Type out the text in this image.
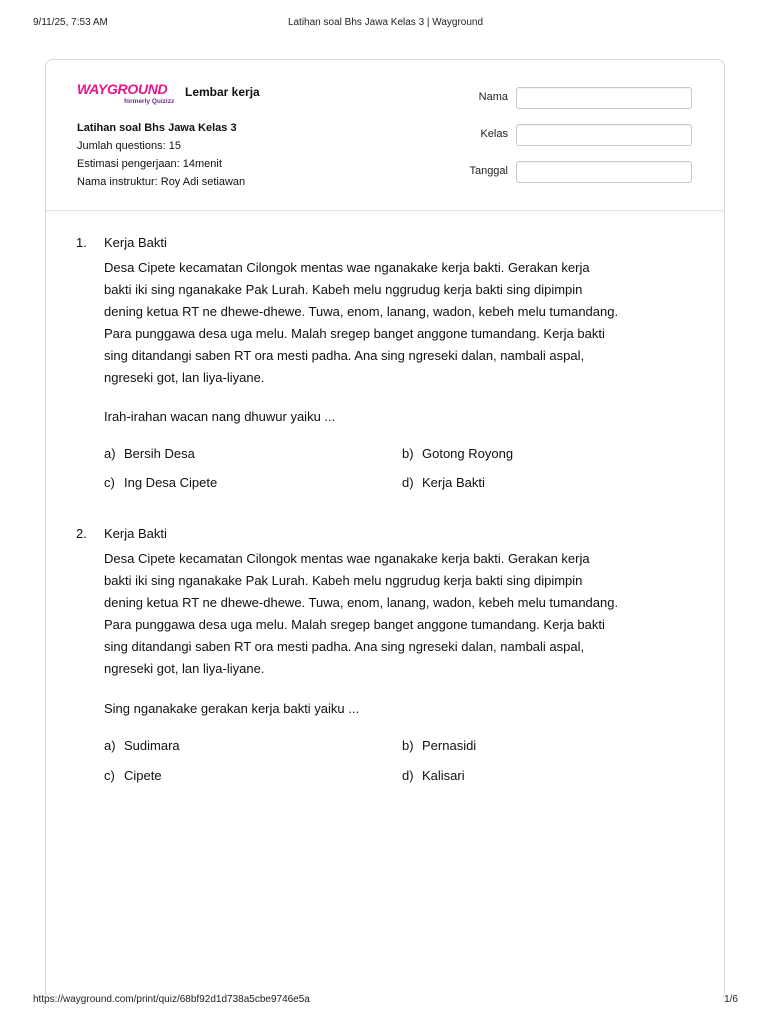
9/11/25, 7:53 AM	Latihan soal Bhs Jawa Kelas 3 | Wayground
WAYGROUND
formerly Quizizz
Lembar kerja
Latihan soal Bhs Jawa Kelas 3
Jumlah questions: 15
Estimasi pengerjaan: 14menit
Nama instruktur: Roy Adi setiawan
Nama
Kelas
Tanggal
1. Kerja Bakti

Desa Cipete kecamatan Cilongok mentas wae nganakake kerja bakti. Gerakan kerja bakti iki sing nganakake Pak Lurah. Kabeh melu nggrudug kerja bakti sing dipimpin dening ketua RT ne dhewe-dhewe. Tuwa, enom, lanang, wadon, kebeh melu tumandang. Para punggawa desa uga melu. Malah sregep banget anggone tumandang. Kerja bakti sing ditandangi saben RT ora mesti padha. Ana sing ngreseki dalan, nambali aspal, ngreseki got, lan liya-liyane.

Irah-irahan wacan nang dhuwur yaiku ...
a) Bersih Desa	b) Gotong Royong
c) Ing Desa Cipete	d) Kerja Bakti
2. Kerja Bakti

Desa Cipete kecamatan Cilongok mentas wae nganakake kerja bakti. Gerakan kerja bakti iki sing nganakake Pak Lurah. Kabeh melu nggrudug kerja bakti sing dipimpin dening ketua RT ne dhewe-dhewe. Tuwa, enom, lanang, wadon, kebeh melu tumandang. Para punggawa desa uga melu. Malah sregep banget anggone tumandang. Kerja bakti sing ditandangi saben RT ora mesti padha. Ana sing ngreseki dalan, nambali aspal, ngreseki got, lan liya-liyane.

Sing nganakake gerakan kerja bakti yaiku ...
a) Sudimara	b) Pernasidi
c) Cipete	d) Kalisari
https://wayground.com/print/quiz/68bf92d1d738a5cbe9746e5a	1/6
